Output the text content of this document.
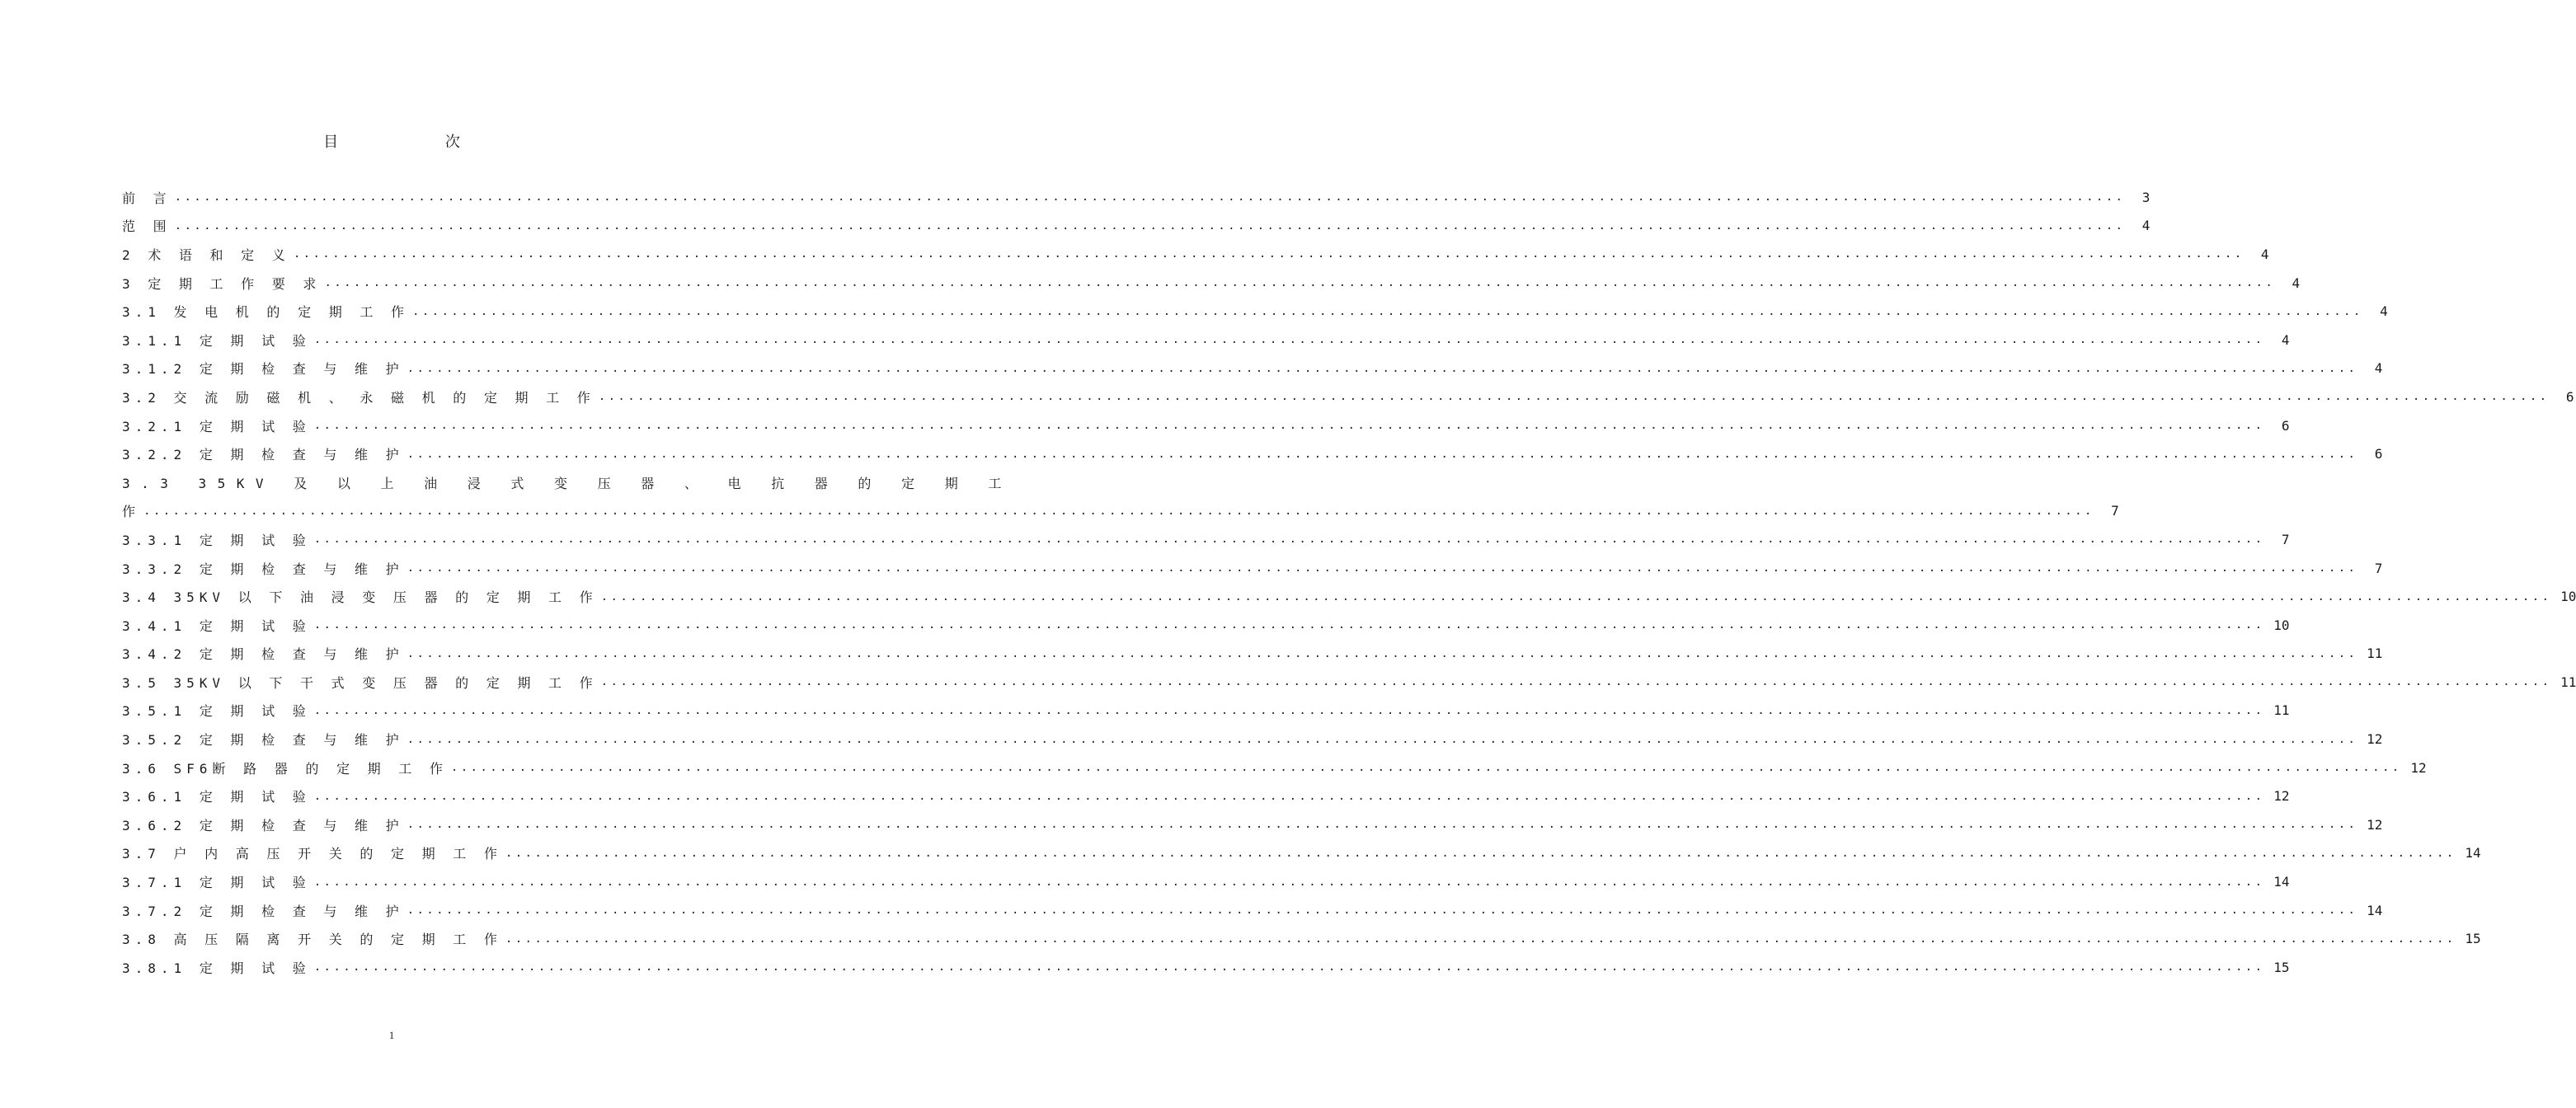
目 次
前 言 ........................................................................................................................................................................................................	3
范 围 ........................................................................................................................................................................................................	4
2 术 语 和 定 义 ........................................................................................................................................................................................................	4
3 定 期 工 作 要 求 ........................................................................................................................................................................................................	4
3.1 发 电 机 的 定 期 工 作 ........................................................................................................................................................................................................	4
3.1.1 定 期 试 验 ........................................................................................................................................................................................................	4
3.1.2 定 期 检 查 与 维 护 ........................................................................................................................................................................................................	4
3.2 交 流 励 磁 机 、 永 磁 机 的 定 期 工 作 ........................................................................................................................................................................................................	6
3.2.1 定 期 试 验 ........................................................................................................................................................................................................	6
3.2.2 定 期 检 查 与 维 护 ........................................................................................................................................................................................................	6
3.3 35KV 及 以 上 油 浸 式 变 压 器 、 电 抗 器 的 定 期 工
作 ........................................................................................................................................................................................................	7
3.3.1 定 期 试 验 ........................................................................................................................................................................................................	7
3.3.2 定 期 检 查 与 维 护 ........................................................................................................................................................................................................	7
3.4 35KV 以 下 油 浸 变 压 器 的 定 期 工 作 ........................................................................................................................................................................................................ 10
3.4.1 定 期 试 验 ........................................................................................................................................................................................................ 10
3.4.2 定 期 检 查 与 维 护 ........................................................................................................................................................................................................ 11
3.5 35KV 以 下 干 式 变 压 器 的 定 期 工 作 ........................................................................................................................................................................................................ 11
3.5.1 定 期 试 验 ........................................................................................................................................................................................................ 11
3.5.2 定 期 检 查 与 维 护 ........................................................................................................................................................................................................ 12
3.6 SF6断 路 器 的 定 期 工 作 ........................................................................................................................................................................................................ 12
3.6.1 定 期 试 验 ........................................................................................................................................................................................................ 12
3.6.2 定 期 检 查 与 维 护 ........................................................................................................................................................................................................ 12
3.7 户 内 高 压 开 关 的 定 期 工 作 ........................................................................................................................................................................................................ 14
3.7.1 定 期 试 验 ........................................................................................................................................................................................................ 14
3.7.2 定 期 检 查 与 维 护 ........................................................................................................................................................................................................ 14
3.8 高 压 隔 离 开 关 的 定 期 工 作 ........................................................................................................................................................................................................ 15
3.8.1 定 期 试 验 ........................................................................................................................................................................................................ 15
1
